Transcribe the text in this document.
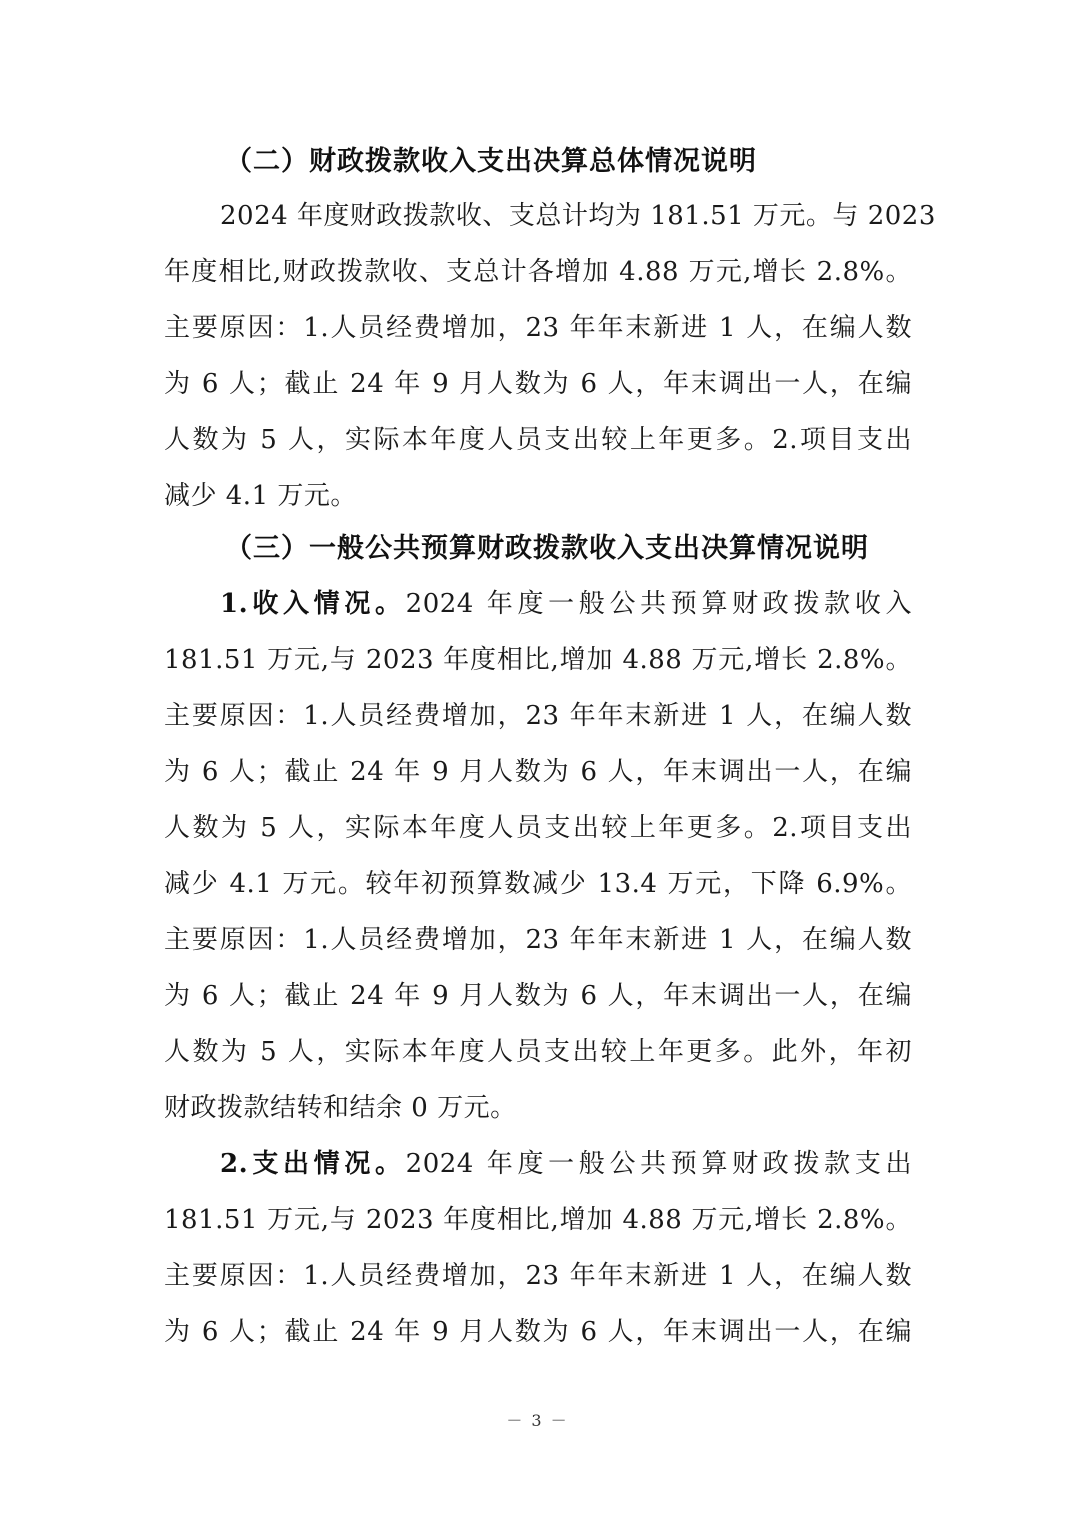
（二）财政拨款收入支出决算总体情况说明
2024 年度财政拨款收、支总计均为 181.51 万元。与 2023
年度相比,财政拨款收、支总计各增加 4.88 万元,增长 2.8%。
主要原因：1.人员经费增加，23 年年末新进 1 人，在编人数
为 6 人；截止 24 年 9 月人数为 6 人，年末调出一人，在编
人数为 5 人，实际本年度人员支出较上年更多。2.项目支出
减少 4.1 万元。
（三）一般公共预算财政拨款收入支出决算情况说明
1.收入情况。2024 年度一般公共预算财政拨款收入
181.51 万元,与 2023 年度相比,增加 4.88 万元,增长 2.8%。
主要原因：1.人员经费增加，23 年年末新进 1 人，在编人数
为 6 人；截止 24 年 9 月人数为 6 人，年末调出一人，在编
人数为 5 人，实际本年度人员支出较上年更多。2.项目支出
减少 4.1 万元。较年初预算数减少 13.4 万元，下降 6.9%。
主要原因：1.人员经费增加，23 年年末新进 1 人，在编人数
为 6 人；截止 24 年 9 月人数为 6 人，年末调出一人，在编
人数为 5 人，实际本年度人员支出较上年更多。此外，年初
财政拨款结转和结余 0 万元。
2.支出情况。2024 年度一般公共预算财政拨款支出
181.51 万元,与 2023 年度相比,增加 4.88 万元,增长 2.8%。
主要原因：1.人员经费增加，23 年年末新进 1 人，在编人数
为 6 人；截止 24 年 9 月人数为 6 人，年末调出一人，在编
－ 3 －
